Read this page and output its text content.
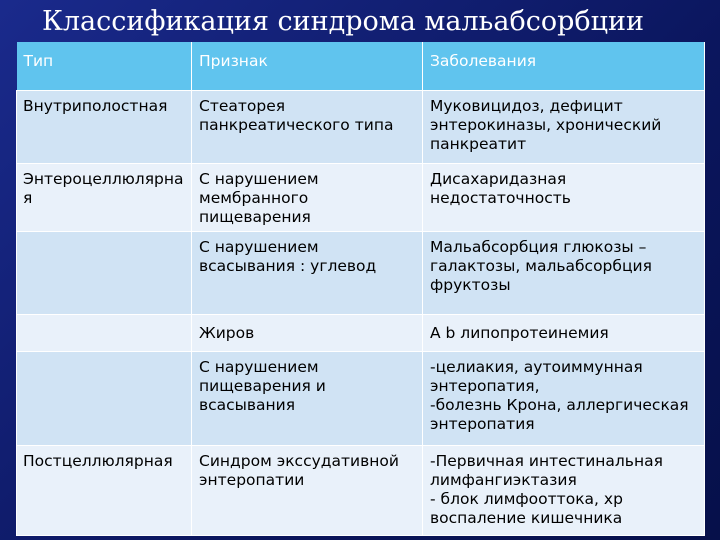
Классификация синдрома мальабсорбции
Тип	Признак	Заболевания
Внутриполостная	Стеаторея панкреатического типа	Муковицидоз, дефицит энтерокиназы, хронический панкреатит
Энтероцеллюлярная	С нарушением мембранного пищеварения	Дисахаридазная недостаточность
	С нарушением всасывания : углевод	Мальабсорбция глюкозы – галактозы, мальабсорбция фруктозы
	Жиров	А b липопротеинемия
	С нарушением пищеварения и всасывания	-целиакия, аутоиммунная энтеропатия,
-болезнь Крона, аллергическая энтеропатия
Постцеллюлярная	Синдром экссудативной энтеропатии	-Первичная интестинальная лимфангиэктазия
- блок лимфооттока, хр воспаление кишечника
